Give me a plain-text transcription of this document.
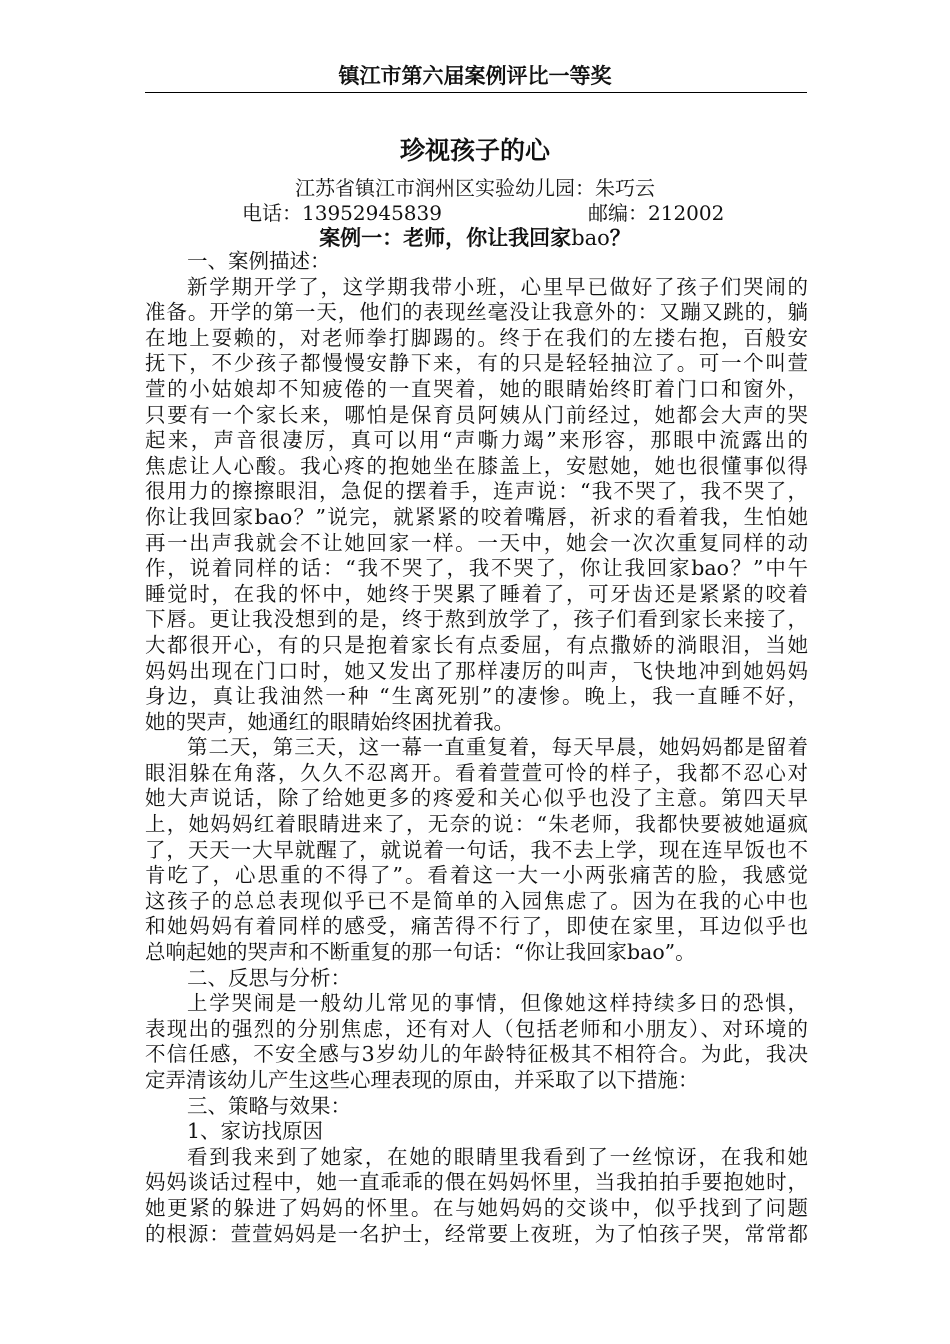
镇江市第六届案例评比一等奖
珍视孩子的心
江苏省镇江市润州区实验幼儿园：朱巧云
电话：13952945839	邮编：212002
案例一：老师，你让我回家bao？
一、案例描述：
新学期开学了，这学期我带小班，心里早已做好了孩子们哭闹的
准备。开学的第一天，他们的表现丝毫没让我意外的：又蹦又跳的，躺
在地上耍赖的，对老师拳打脚踢的。终于在我们的左搂右抱，百般安
抚下，不少孩子都慢慢安静下来，有的只是轻轻抽泣了。可一个叫萱
萱的小姑娘却不知疲倦的一直哭着，她的眼睛始终盯着门口和窗外，
只要有一个家长来，哪怕是保育员阿姨从门前经过，她都会大声的哭
起来，声音很凄厉，真可以用“声嘶力竭”来形容，那眼中流露出的
焦虑让人心酸。我心疼的抱她坐在膝盖上，安慰她，她也很懂事似得
很用力的擦擦眼泪，急促的摆着手，连声说：“我不哭了，我不哭了，
你让我回家bao？”说完，就紧紧的咬着嘴唇，祈求的看着我，生怕她
再一出声我就会不让她回家一样。一天中，她会一次次重复同样的动
作，说着同样的话：“我不哭了，我不哭了，你让我回家bao？”中午
睡觉时，在我的怀中，她终于哭累了睡着了，可牙齿还是紧紧的咬着
下唇。更让我没想到的是，终于熬到放学了，孩子们看到家长来接了，
大都很开心，有的只是抱着家长有点委屈，有点撒娇的淌眼泪，当她
妈妈出现在门口时，她又发出了那样凄厉的叫声，飞快地冲到她妈妈
身边，真让我油然一种 “生离死别”的凄惨。晚上，我一直睡不好，
她的哭声，她通红的眼睛始终困扰着我。
第二天，第三天，这一幕一直重复着，每天早晨，她妈妈都是留着
眼泪躲在角落，久久不忍离开。看着萱萱可怜的样子，我都不忍心对
她大声说话，除了给她更多的疼爱和关心似乎也没了主意。第四天早
上，她妈妈红着眼睛进来了，无奈的说：“朱老师，我都快要被她逼疯
了，天天一大早就醒了，就说着一句话，我不去上学，现在连早饭也不
肯吃了，心思重的不得了”。看着这一大一小两张痛苦的脸，我感觉
这孩子的总总表现似乎已不是简单的入园焦虑了。因为在我的心中也
和她妈妈有着同样的感受，痛苦得不行了，即使在家里，耳边似乎也
总响起她的哭声和不断重复的那一句话：“你让我回家bao”。
二、反思与分析：
上学哭闹是一般幼儿常见的事情，但像她这样持续多日的恐惧，
表现出的强烈的分别焦虑，还有对人（包括老师和小朋友）、对环境的
不信任感，不安全感与3岁幼儿的年龄特征极其不相符合。为此，我决
定弄清该幼儿产生这些心理表现的原由，并采取了以下措施：
三、策略与效果：
1、家访找原因
看到我来到了她家，在她的眼睛里我看到了一丝惊讶，在我和她
妈妈谈话过程中，她一直乖乖的偎在妈妈怀里，当我拍拍手要抱她时，
她更紧的躲进了妈妈的怀里。在与她妈妈的交谈中，似乎找到了问题
的根源：萱萱妈妈是一名护士，经常要上夜班，为了怕孩子哭，常常都
